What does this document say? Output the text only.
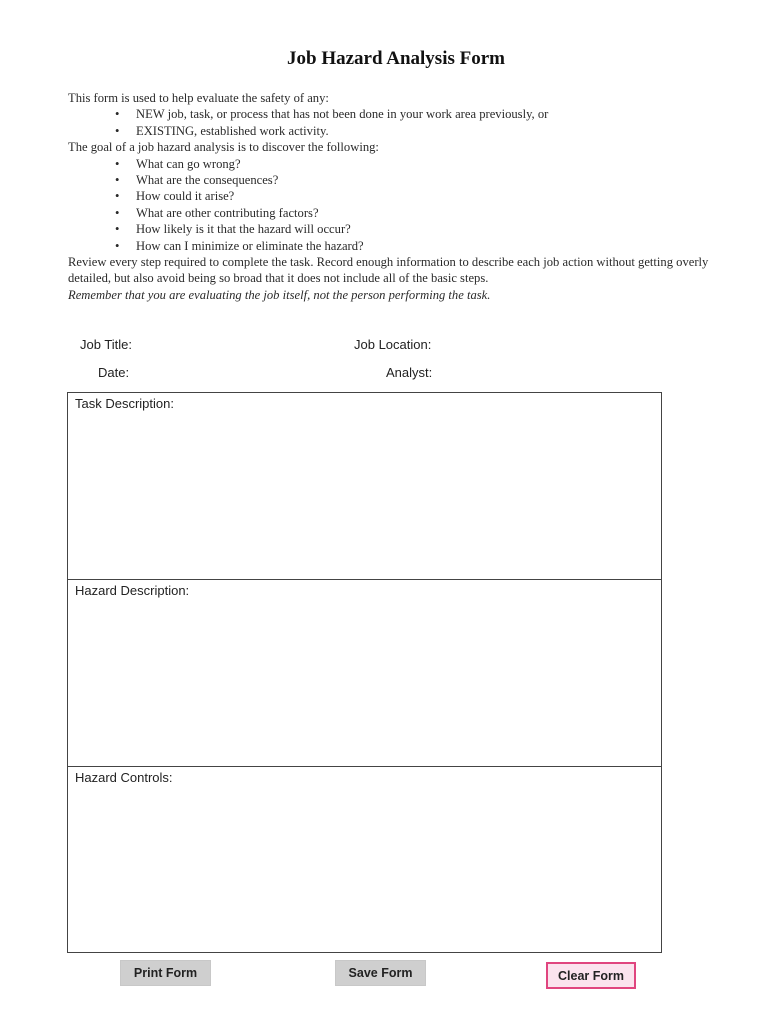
Job Hazard Analysis Form
This form is used to help evaluate the safety of any:
• NEW job, task, or process that has not been done in your work area previously, or
• EXISTING, established work activity.
The goal of a job hazard analysis is to discover the following:
• What can go wrong?
• What are the consequences?
• How could it arise?
• What are other contributing factors?
• How likely is it that the hazard will occur?
• How can I minimize or eliminate the hazard?
Review every step required to complete the task. Record enough information to describe each job action without getting overly detailed, but also avoid being so broad that it does not include all of the basic steps.
Remember that you are evaluating the job itself, not the person performing the task.
Job Title:	Job Location:
Date:	Analyst:
Task Description:
Hazard Description:
Hazard Controls:
Print Form	Save Form	Clear Form
